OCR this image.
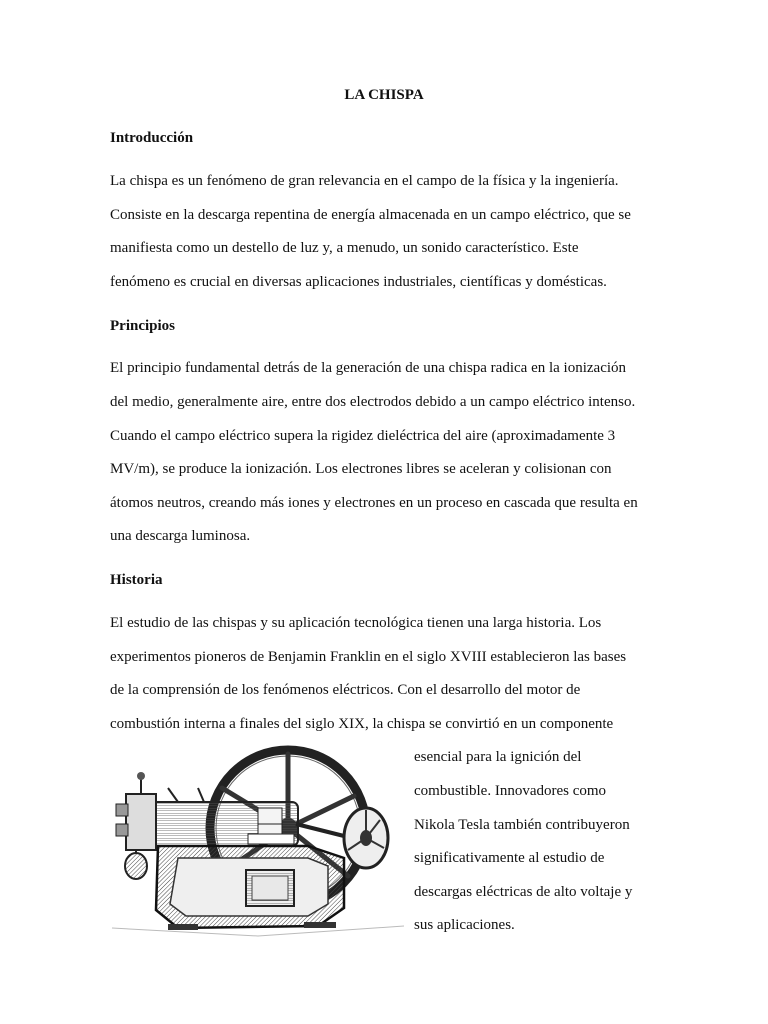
LA CHISPA
Introducción
La chispa es un fenómeno de gran relevancia en el campo de la física y la ingeniería.
Consiste en la descarga repentina de energía almacenada en un campo eléctrico, que se
manifiesta como un destello de luz y, a menudo, un sonido característico. Este
fenómeno es crucial en diversas aplicaciones industriales, científicas y domésticas.
Principios
El principio fundamental detrás de la generación de una chispa radica en la ionización
del medio, generalmente aire, entre dos electrodos debido a un campo eléctrico intenso.
Cuando el campo eléctrico supera la rigidez dieléctrica del aire (aproximadamente 3
MV/m), se produce la ionización. Los electrones libres se aceleran y colisionan con
átomos neutros, creando más iones y electrones en un proceso en cascada que resulta en
una descarga luminosa.
Historia
El estudio de las chispas y su aplicación tecnológica tienen una larga historia. Los
experimentos pioneros de Benjamin Franklin en el siglo XVIII establecieron las bases
de la comprensión de los fenómenos eléctricos. Con el desarrollo del motor de
combustión interna a finales del siglo XIX, la chispa se convirtió en un componente
esencial para la ignición del
combustible. Innovadores como
Nikola Tesla también contribuyeron
significativamente al estudio de
descargas eléctricas de alto voltaje y
sus aplicaciones.
